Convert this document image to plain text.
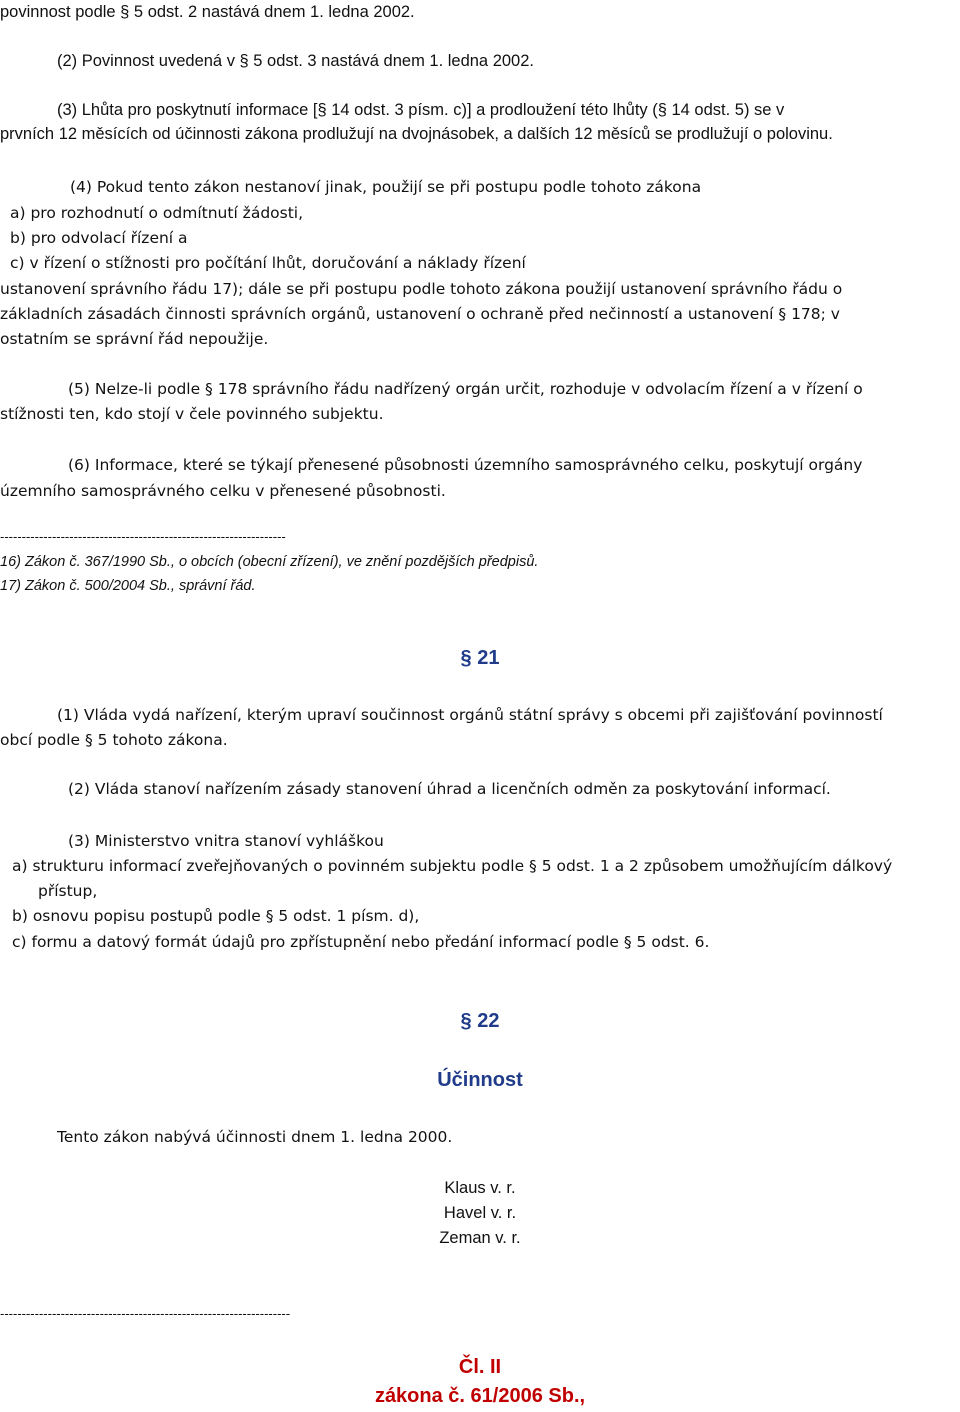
povinnost podle § 5 odst. 2 nastává dnem 1. ledna 2002.
(2) Povinnost uvedená v § 5 odst. 3 nastává dnem 1. ledna 2002.
(3) Lhůta pro poskytnutí informace [§ 14 odst. 3 písm. c)] a prodloužení této lhůty (§ 14 odst. 5) se v
prvních 12 měsících od účinnosti zákona prodlužují na dvojnásobek, a dalších 12 měsíců se prodlužují o polovinu.
(4) Pokud tento zákon nestanoví jinak, použijí se při postupu podle tohoto zákona
a) pro rozhodnutí o odmítnutí žádosti,
b) pro odvolací řízení a
c) v řízení o stížnosti pro počítání lhůt, doručování a náklady řízení
ustanovení správního řádu 17); dále se při postupu podle tohoto zákona použijí ustanovení správního řádu o
základních zásadách činnosti správních orgánů, ustanovení o ochraně před nečinností a ustanovení § 178; v
ostatním se správní řád nepoužije.
(5) Nelze-li podle § 178 správního řádu nadřízený orgán určit, rozhoduje v odvolacím řízení a v řízení o
stížnosti ten, kdo stojí v čele povinného subjektu.
(6) Informace, které se týkají přenesené působnosti územního samosprávného celku, poskytují orgány
územního samosprávného celku v přenesené působnosti.
------------------------------------------------------------------
16) Zákon č. 367/1990 Sb., o obcích (obecní zřízení), ve znění pozdějších předpisů.
17) Zákon č. 500/2004 Sb., správní řád.
§ 21
(1) Vláda vydá nařízení, kterým upraví součinnost orgánů státní správy s obcemi při zajišťování povinností
obcí podle § 5 tohoto zákona.
(2) Vláda stanoví nařízením zásady stanovení úhrad a licenčních odměn za poskytování informací.
(3) Ministerstvo vnitra stanoví vyhláškou
a) strukturu informací zveřejňovaných o povinném subjektu podle § 5 odst. 1 a 2 způsobem umožňujícím dálkový
přístup,
b) osnovu popisu postupů podle § 5 odst. 1 písm. d),
c) formu a datový formát údajů pro zpřístupnění nebo předání informací podle § 5 odst. 6.
§ 22
Účinnost
Tento zákon nabývá účinnosti dnem 1. ledna 2000.
Klaus v. r.
Havel v. r.
Zeman v. r.
-------------------------------------------------------------------
Čl. II
zákona č. 61/2006 Sb.,
